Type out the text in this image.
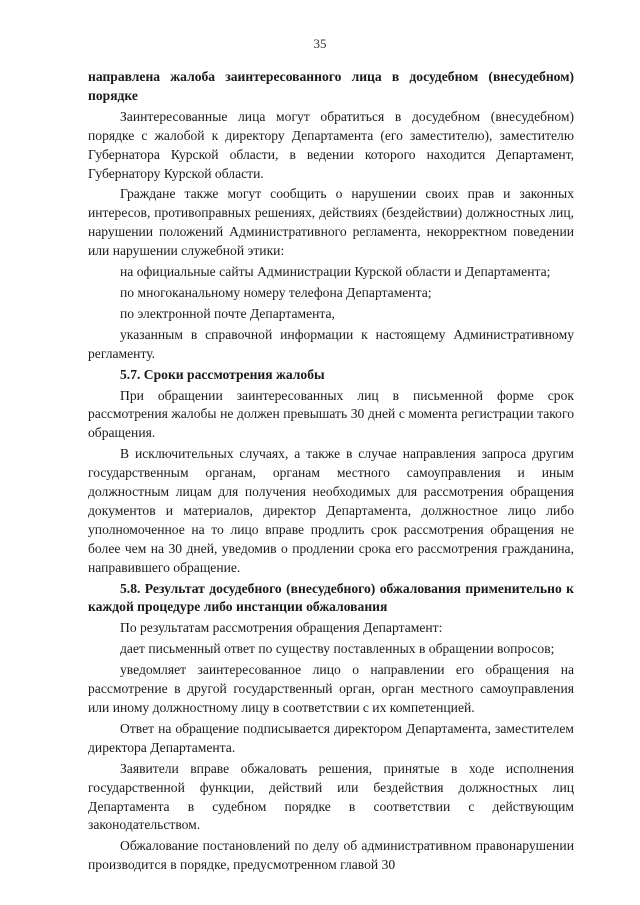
35

направлена жалоба заинтересованного лица в досудебном (внесудебном) порядке

Заинтересованные лица могут обратиться в досудебном (внесудебном) порядке с жалобой к директору Департамента (его заместителю), заместителю Губернатора Курской области, в ведении которого находится Департамент, Губернатору Курской области.

Граждане также могут сообщить о нарушении своих прав и законных интересов, противоправных решениях, действиях (бездействии) должностных лиц, нарушении положений Административного регламента, некорректном поведении или нарушении служебной этики:

на официальные сайты Администрации Курской области и Департамента;

по многоканальному номеру телефона Департамента;

по электронной почте Департамента,

указанным в справочной информации к настоящему Административному регламенту.

5.7. Сроки рассмотрения жалобы

При обращении заинтересованных лиц в письменной форме срок рассмотрения жалобы не должен превышать 30 дней с момента регистрации такого обращения.

В исключительных случаях, а также в случае направления запроса другим государственным органам, органам местного самоуправления и иным должностным лицам для получения необходимых для рассмотрения обращения документов и материалов, директор Департамента, должностное лицо либо уполномоченное на то лицо вправе продлить срок рассмотрения обращения не более чем на 30 дней, уведомив о продлении срока его рассмотрения гражданина, направившего обращение.

5.8. Результат досудебного (внесудебного) обжалования применительно к каждой процедуре либо инстанции обжалования

По результатам рассмотрения обращения Департамент:

дает письменный ответ по существу поставленных в обращении вопросов;

уведомляет заинтересованное лицо о направлении его обращения на рассмотрение в другой государственный орган, орган местного самоуправления или иному должностному лицу в соответствии с их компетенцией.

Ответ на обращение подписывается директором Департамента, заместителем директора Департамента.

Заявители вправе обжаловать решения, принятые в ходе исполнения государственной функции, действий или бездействия должностных лиц Департамента в судебном порядке в соответствии с действующим законодательством.

Обжалование постановлений по делу об административном правонарушении производится в порядке, предусмотренном главой 30
